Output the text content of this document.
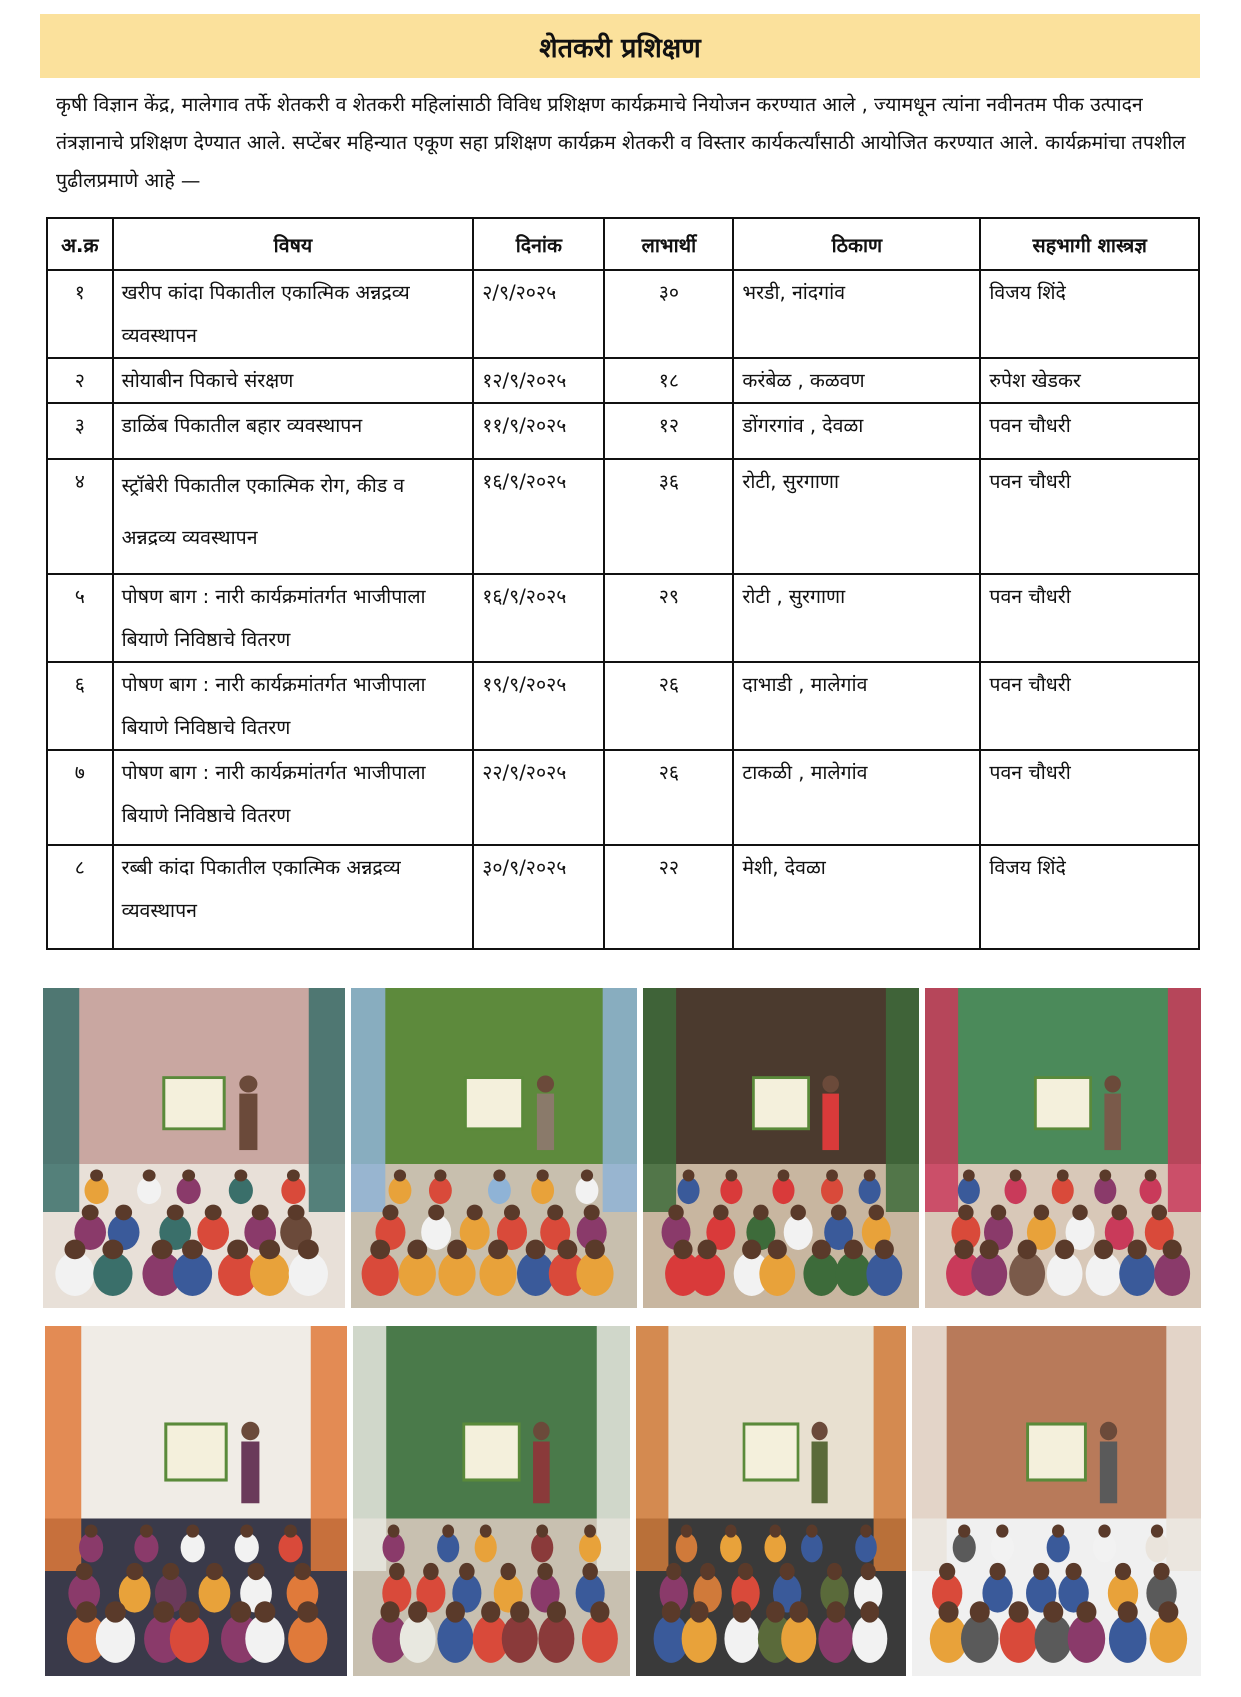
शेतकरी प्रशिक्षण

कृषी विज्ञान केंद्र, मालेगाव तर्फे शेतकरी व शेतकरी महिलांसाठी विविध प्रशिक्षण कार्यक्रमाचे नियोजन करण्यात आले , ज्यामधून त्यांना नवीनतम पीक उत्पादन तंत्रज्ञानाचे प्रशिक्षण देण्यात आले. सप्टेंबर महिन्यात एकूण सहा प्रशिक्षण कार्यक्रम शेतकरी व विस्तार कार्यकर्त्यांसाठी आयोजित करण्यात आले. कार्यक्रमांचा तपशील पुढीलप्रमाणे आहे —

अ.क्र	विषय	दिनांक	लाभार्थी	ठिकाण	सहभागी शास्त्रज्ञ
१	खरीप कांदा पिकातील एकात्मिक अन्नद्रव्य व्यवस्थापन	२/९/२०२५	३०	भरडी, नांदगांव	विजय शिंदे
२	सोयाबीन पिकाचे संरक्षण	१२/९/२०२५	१८	करंबेळ , कळवण	रुपेश खेडकर
३	डाळिंब पिकातील बहार व्यवस्थापन	११/९/२०२५	१२	डोंगरगांव , देवळा	पवन चौधरी
४	स्ट्रॉबेरी पिकातील एकात्मिक रोग, कीड व अन्नद्रव्य व्यवस्थापन	१६/९/२०२५	३६	रोटी, सुरगाणा	पवन चौधरी
५	पोषण बाग : नारी कार्यक्रमांतर्गत भाजीपाला बियाणे निविष्ठाचे वितरण	१६/९/२०२५	२९	रोटी , सुरगाणा	पवन चौधरी
६	पोषण बाग : नारी कार्यक्रमांतर्गत भाजीपाला बियाणे निविष्ठाचे वितरण	१९/९/२०२५	२६	दाभाडी , मालेगांव	पवन चौधरी
७	पोषण बाग : नारी कार्यक्रमांतर्गत भाजीपाला बियाणे निविष्ठाचे वितरण	२२/९/२०२५	२६	टाकळी , मालेगांव	पवन चौधरी
८	रब्बी कांदा पिकातील एकात्मिक अन्नद्रव्य व्यवस्थापन	३०/९/२०२५	२२	मेशी, देवळा	विजय शिंदे
